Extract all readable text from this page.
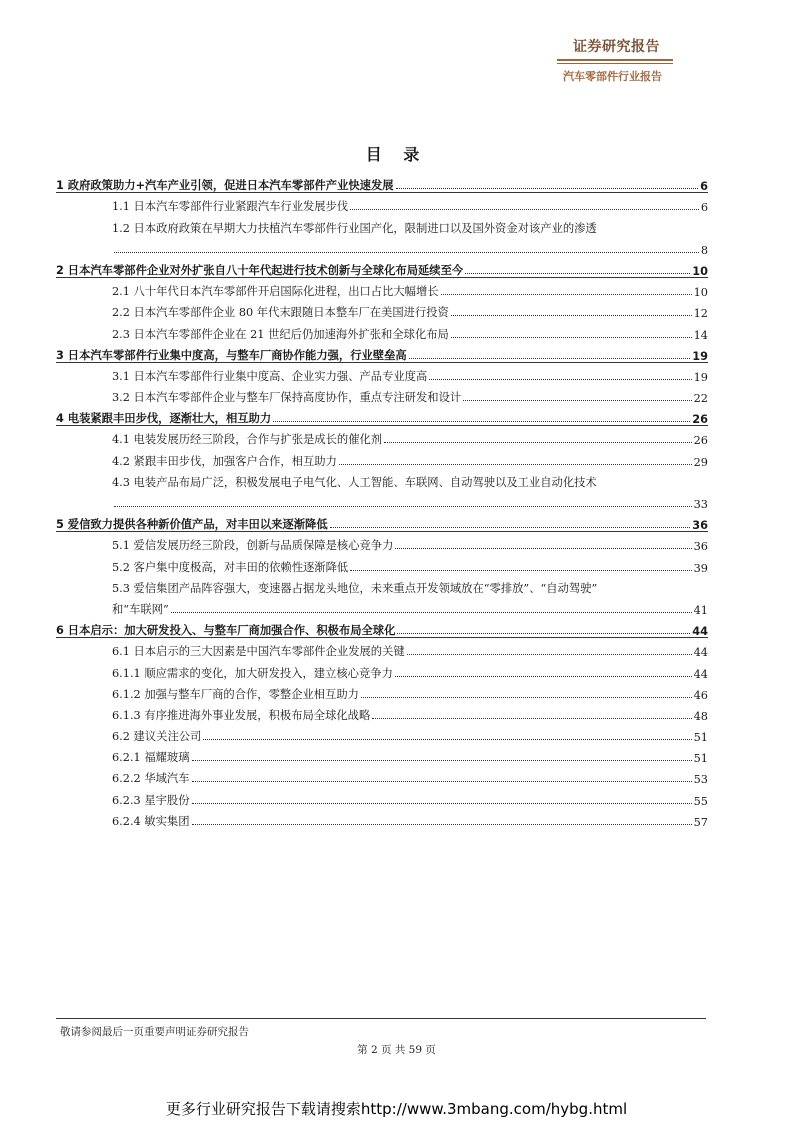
证券研究报告
汽车零部件行业报告
目 录
1 政府政策助力+汽车产业引领，促进日本汽车零部件产业快速发展	6
1.1 日本汽车零部件行业紧跟汽车行业发展步伐	6
1.2 日本政府政策在早期大力扶植汽车零部件行业国产化，限制进口以及国外资金对该产业的渗透
8
2 日本汽车零部件企业对外扩张自八十年代起进行技术创新与全球化布局延续至今	10
2.1 八十年代日本汽车零部件开启国际化进程，出口占比大幅增长	10
2.2 日本汽车零部件企业 80 年代末跟随日本整车厂在美国进行投资	12
2.3 日本汽车零部件企业在 21 世纪后仍加速海外扩张和全球化布局	14
3 日本汽车零部件行业集中度高，与整车厂商协作能力强，行业壁垒高	19
3.1 日本汽车零部件行业集中度高、企业实力强、产品专业度高	19
3.2 日本汽车零部件企业与整车厂保持高度协作，重点专注研发和设计	22
4 电装紧跟丰田步伐，逐渐壮大，相互助力	26
4.1 电装发展历经三阶段，合作与扩张是成长的催化剂	26
4.2 紧跟丰田步伐，加强客户合作，相互助力	29
4.3 电装产品布局广泛，积极发展电子电气化、人工智能、车联网、自动驾驶以及工业自动化技术
33
5 爱信致力提供各种新价值产品，对丰田以来逐渐降低	36
5.1 爱信发展历经三阶段，创新与品质保障是核心竞争力	36
5.2 客户集中度极高，对丰田的依赖性逐渐降低	39
5.3 爱信集团产品阵容强大，变速器占据龙头地位，未来重点开发领域放在“零排放”、“自动驾驶”
和“车联网”	41
6 日本启示：加大研发投入、与整车厂商加强合作、积极布局全球化	44
6.1 日本启示的三大因素是中国汽车零部件企业发展的关键	44
6.1.1 顺应需求的变化，加大研发投入，建立核心竞争力	44
6.1.2 加强与整车厂商的合作，零整企业相互助力	46
6.1.3 有序推进海外事业发展，积极布局全球化战略	48
6.2 建议关注公司	51
6.2.1 福耀玻璃	51
6.2.2 华域汽车	53
6.2.3 星宇股份	55
6.2.4 敏实集团	57
敬请参阅最后一页重要声明证券研究报告
第 2 页 共 59 页
更多行业研究报告下载请搜索http://www.3mbang.com/hybg.html
